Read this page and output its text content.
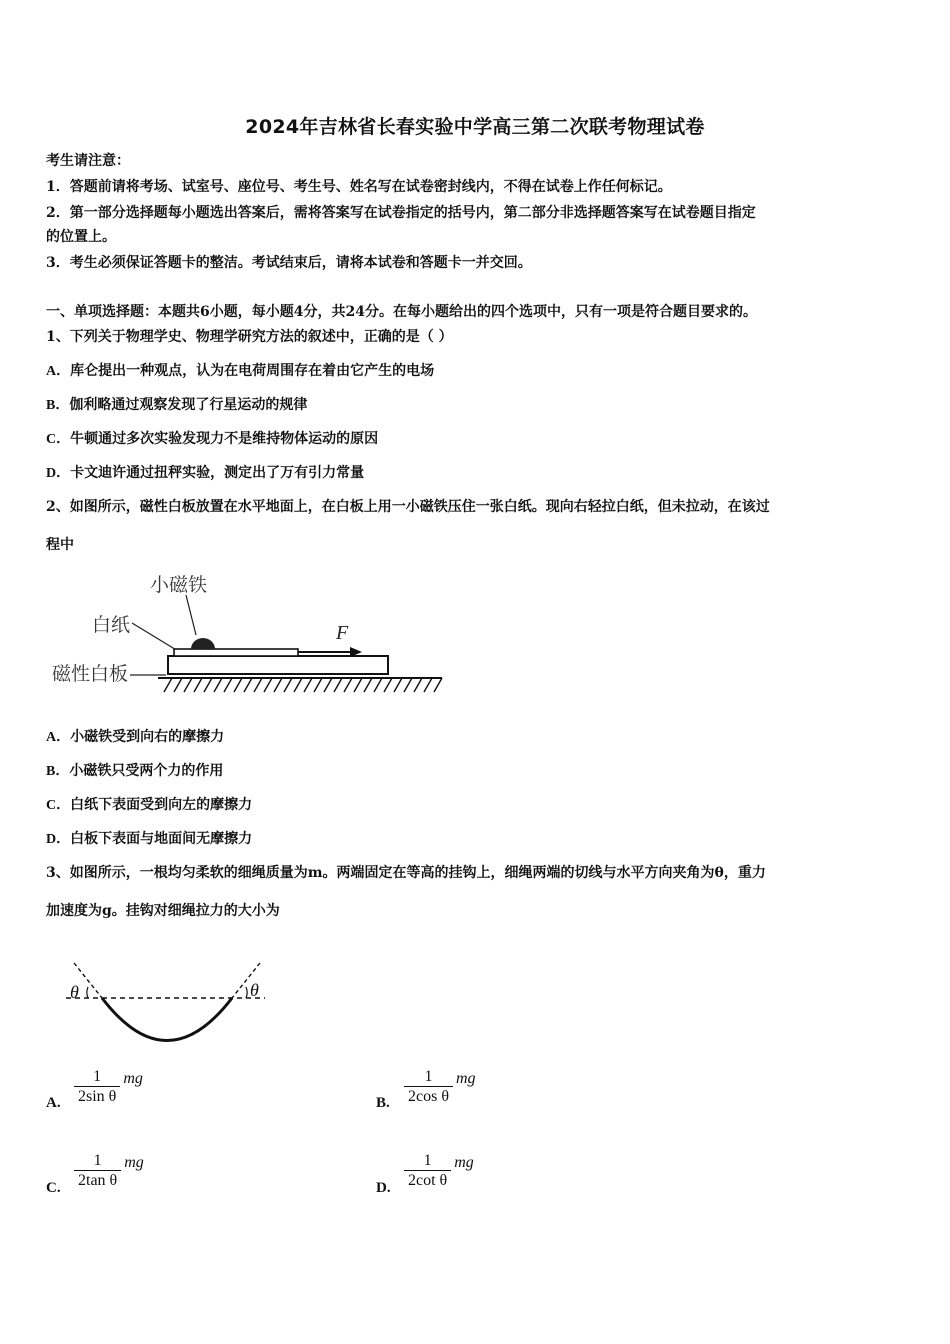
2024年吉林省长春实验中学高三第二次联考物理试卷
考生请注意：
1．答题前请将考场、试室号、座位号、考生号、姓名写在试卷密封线内，不得在试卷上作任何标记。
2．第一部分选择题每小题选出答案后，需将答案写在试卷指定的括号内，第二部分非选择题答案写在试卷题目指定
的位置上。
3．考生必须保证答题卡的整洁。考试结束后，请将本试卷和答题卡一并交回。
一、单项选择题：本题共6小题，每小题4分，共24分。在每小题给出的四个选项中，只有一项是符合题目要求的。
1、下列关于物理学史、物理学研究方法的叙述中，正确的是（ ）
A．库仑提出一种观点，认为在电荷周围存在着由它产生的电场
B．伽利略通过观察发现了行星运动的规律
C．牛顿通过多次实验发现力不是维持物体运动的原因
D．卡文迪许通过扭秤实验，测定出了万有引力常量
2、如图所示，磁性白板放置在水平地面上，在白板上用一小磁铁压住一张白纸。现向右轻拉白纸，但未拉动，在该过
程中
小磁铁
白纸
磁性白板
F
A．小磁铁受到向右的摩擦力
B．小磁铁只受两个力的作用
C．白纸下表面受到向左的摩擦力
D．白板下表面与地面间无摩擦力
3、如图所示，一根均匀柔软的细绳质量为m。两端固定在等高的挂钩上，细绳两端的切线与水平方向夹角为θ，重力
加速度为g。挂钩对细绳拉力的大小为
θ	θ
A. $\frac{1}{\text{2sin θ}}$ mg
B. $\frac{1}{\text{2cos θ}}$ mg
C. $\frac{1}{\text{2tan θ}}$ mg
D. $\frac{1}{\text{2cot θ}}$ mg
